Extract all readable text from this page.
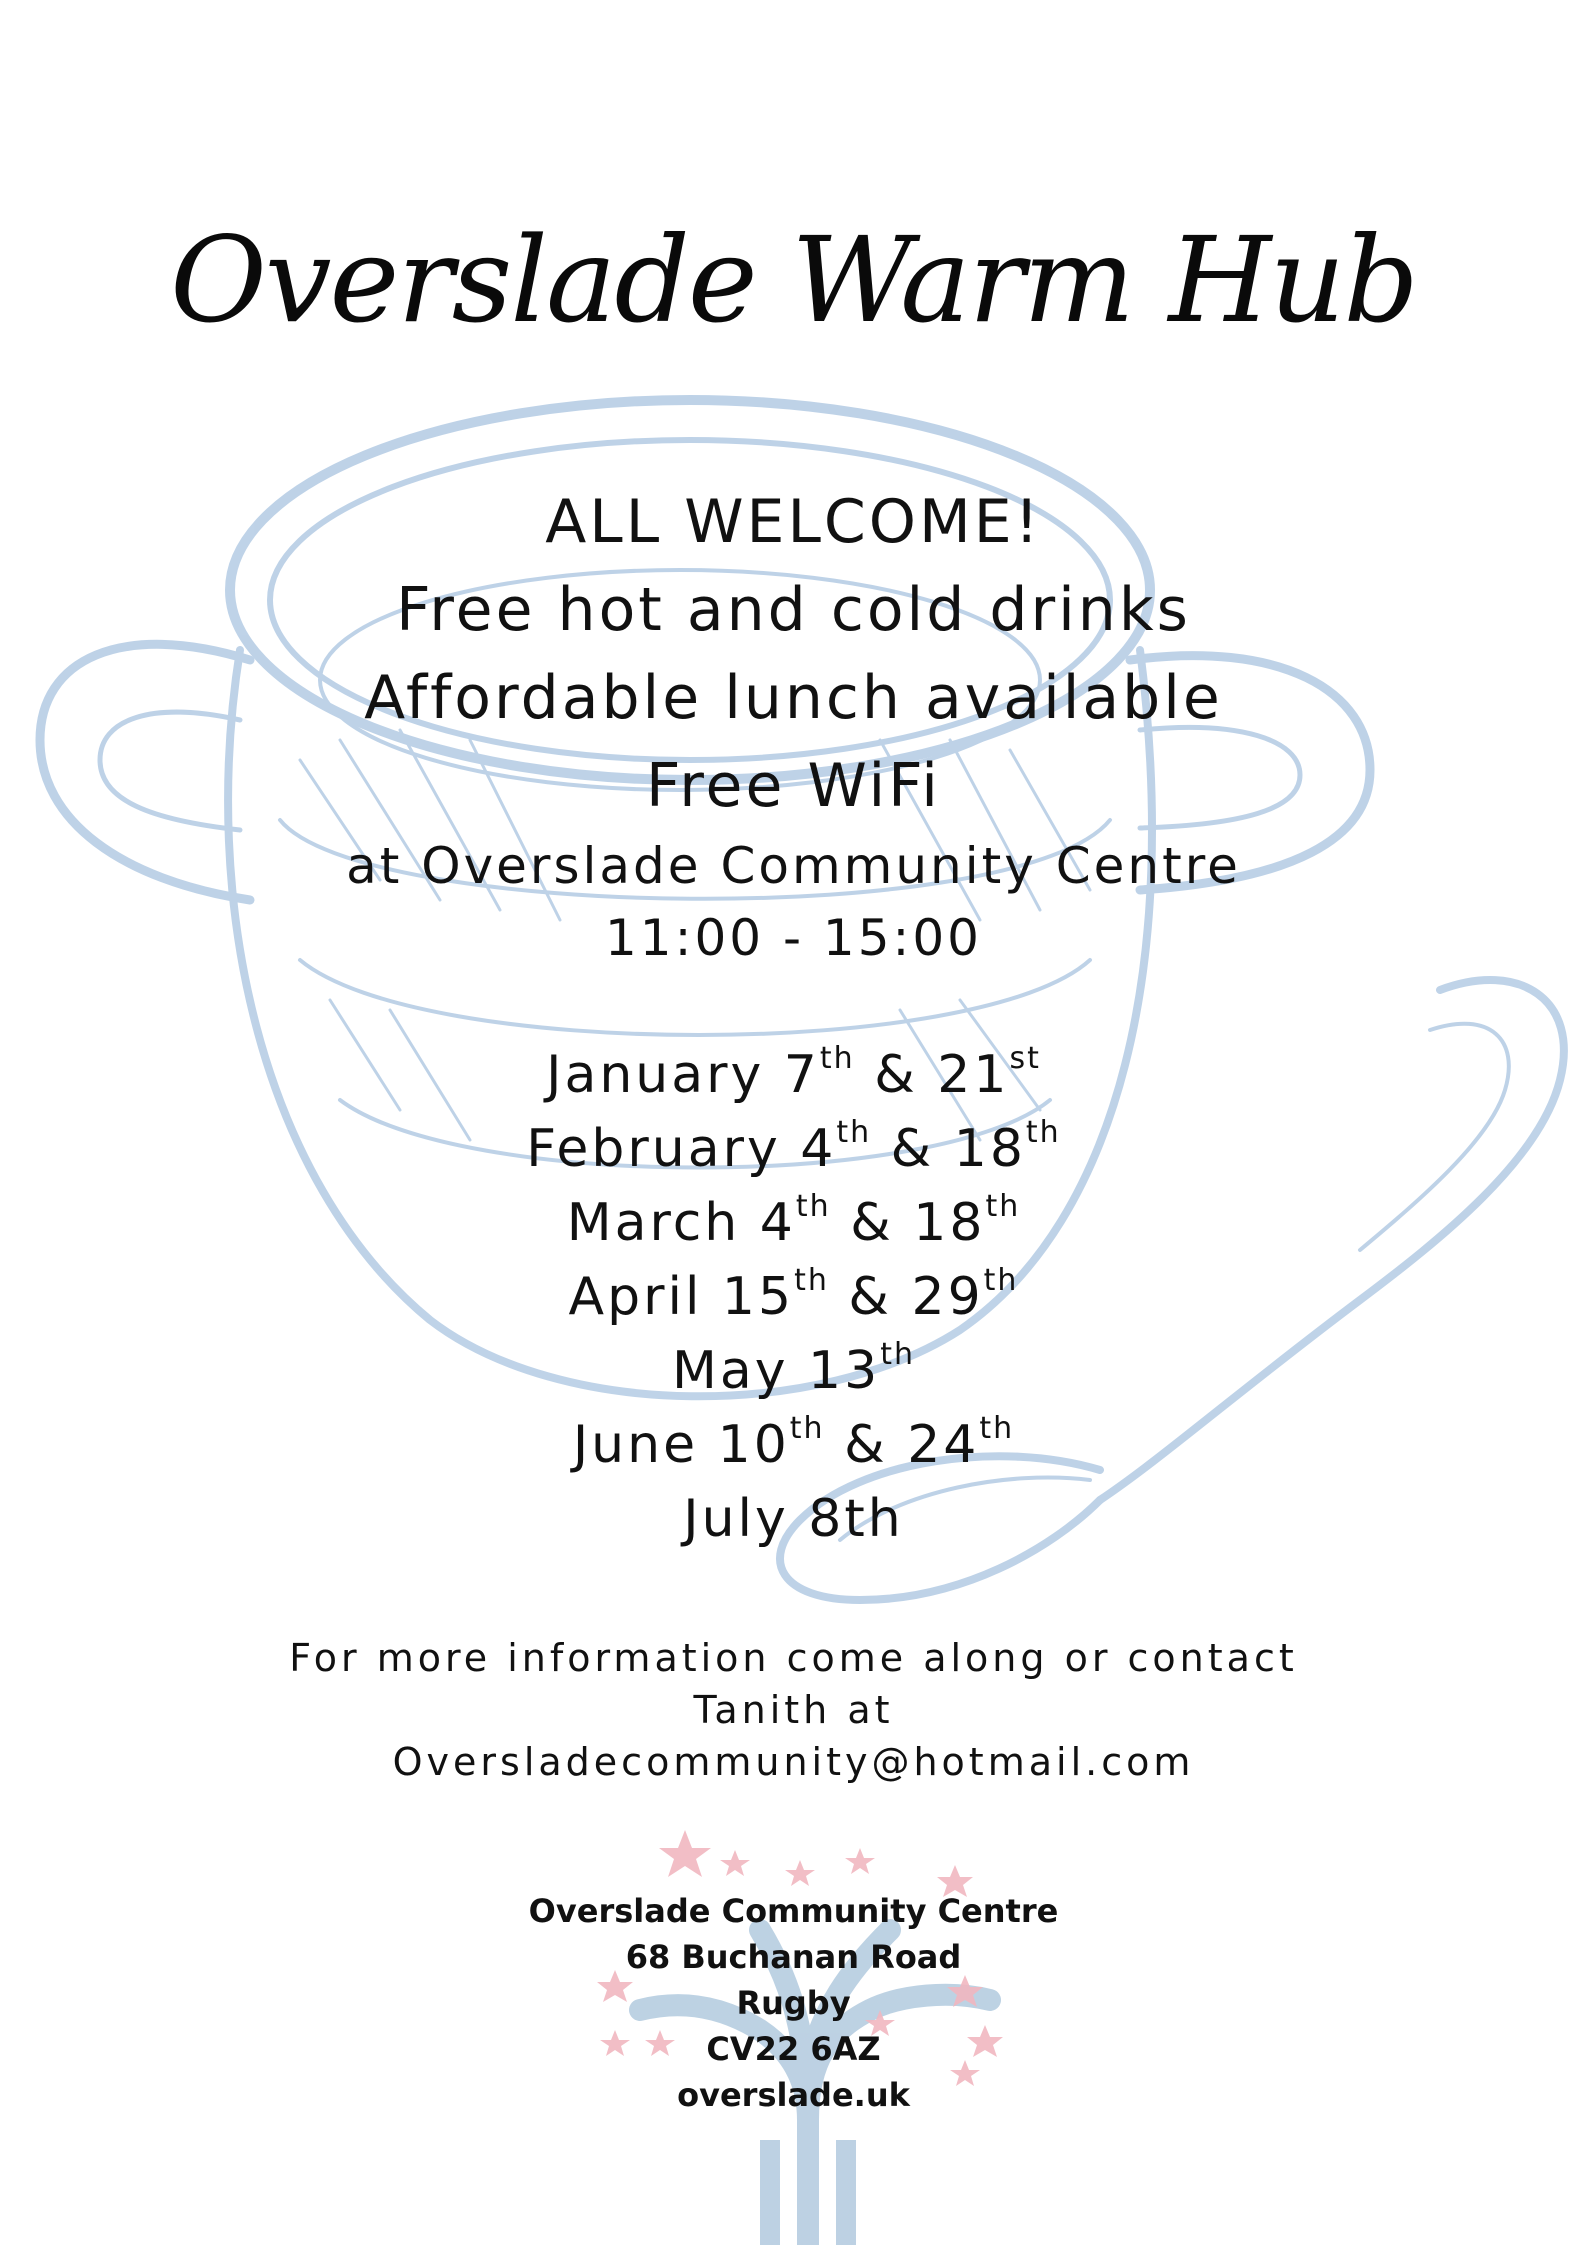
Overslade Warm Hub
ALL WELCOME!
Free hot and cold drinks
Affordable lunch available
Free WiFi
at Overslade Community Centre
11:00 - 15:00
January 7th & 21st
February 4th & 18th
March 4th & 18th
April 15th & 29th
May 13th
June 10th & 24th
July 8th
For more information come along or contact
Tanith at
Oversladecommunity@hotmail.com
Overslade Community Centre
68 Buchanan Road
Rugby
CV22 6AZ
overslade.uk
